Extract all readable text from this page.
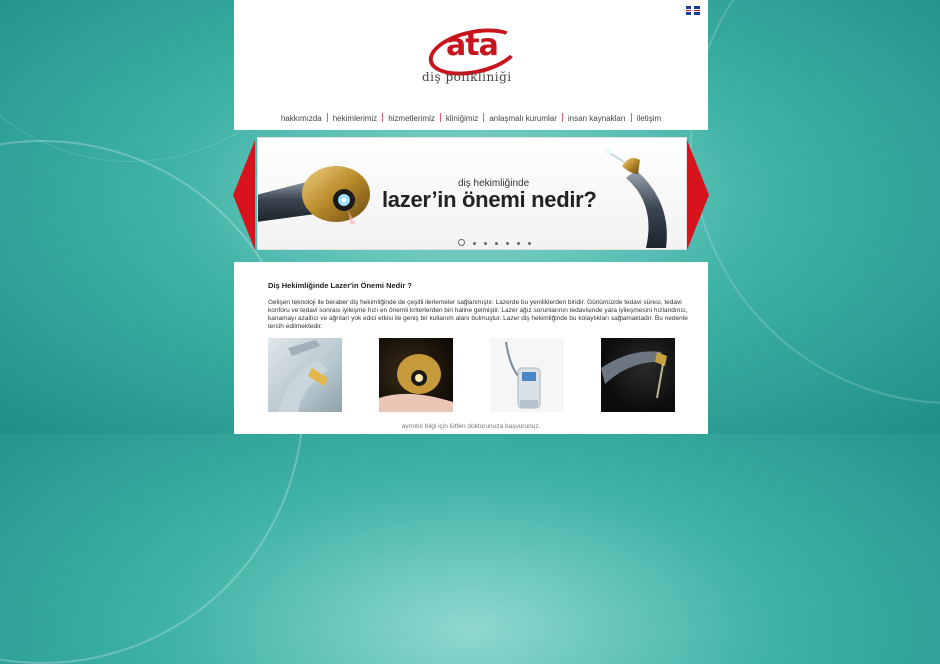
ata
diş polikliniği
hakkımızda hekimlerimiz hizmetlerimiz kliniğimiz anlaşmalı kurumlar insan kaynakları iletişim
diş hekimliğinde
lazer’in önemi nedir?
Diş Hekimliğinde Lazer'in Önemi Nedir ?

Gelişen teknoloji ile beraber diş hekimliğinde de çeşitli ilerlemeler sağlanmıştır. Lazerde bu yeniliklerden biridir. Günümüzde tedavi süresi, tedavi konforu ve tedavi sonrası iyileşme hızı en önemli kriterlerden biri haline gelmiştir. Lazer ağız sorunlarının tedavisinde yara iyileşmesini hızlandırıcı, kanamayı azaltıcı ve ağrıları yok edici etkisi ile geniş bir kullanım alanı bulmuştur. Lazer diş hekimliğinde bu kolaylıkları sağlamaktadır. Bu nedenle tercih edilmektedir.

ayrıntılı bilgi için lütfen doktorunuza başvurunuz.
